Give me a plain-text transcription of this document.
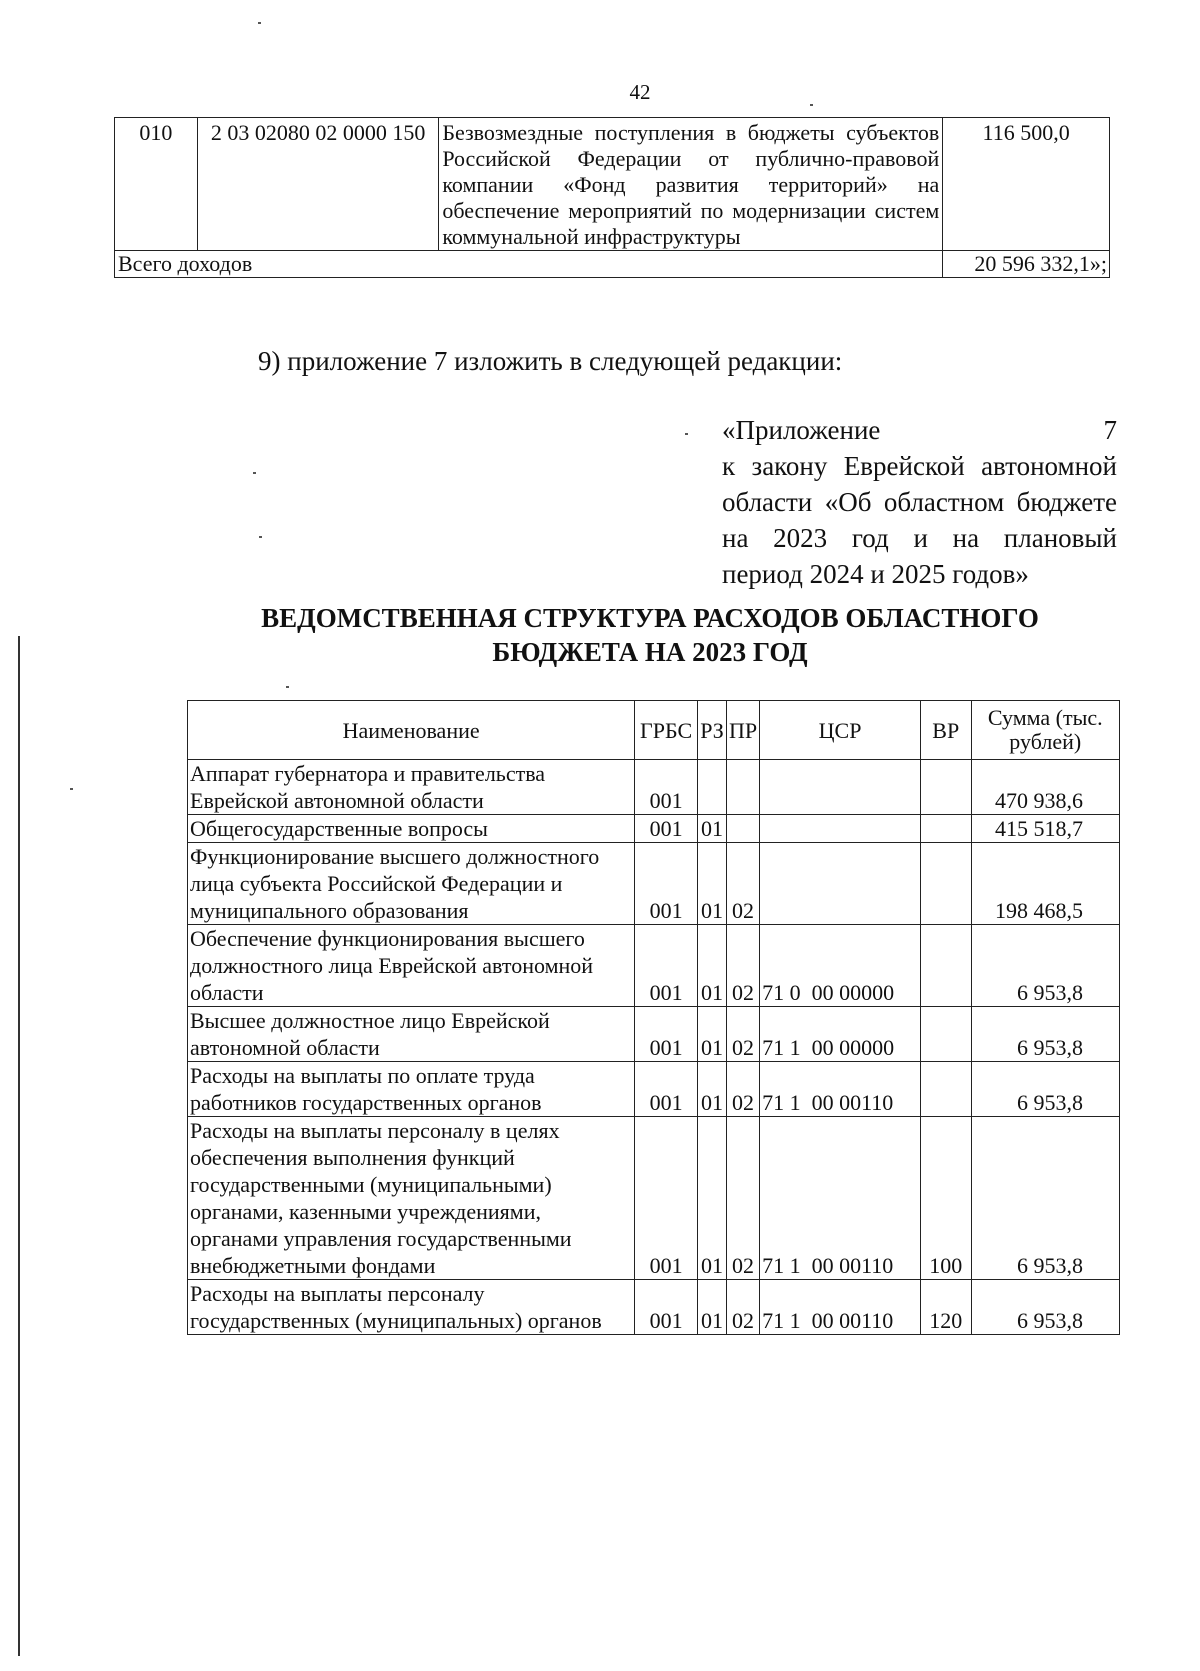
42
010	2 03 02080 02 0000 150	Безвозмездные поступления в бюджеты субъектов Российской Федерации от публично-правовой компании «Фонд развития территорий» на обеспечение мероприятий по модернизации систем коммунальной инфраструктуры	116 500,0
Всего доходов			20 596 332,1»;
9) приложение 7 изложить в следующей редакции:
«Приложение 7
к закону Еврейской автономной
области «Об областном бюджете
на 2023 год и на плановый
период 2024 и 2025 годов»
ВЕДОМСТВЕННАЯ СТРУКТУРА РАСХОДОВ ОБЛАСТНОГО
БЮДЖЕТА НА 2023 ГОД
Наименование	ГРБС	РЗ	ПР	ЦСР	ВР	Сумма (тыс. рублей)
Аппарат губернатора и правительства Еврейской автономной области	001					470 938,6
Общегосударственные вопросы	001	01				415 518,7
Функционирование высшего должностного лица субъекта Российской Федерации и муниципального образования	001	01	02			198 468,5
Обеспечение функционирования высшего должностного лица Еврейской автономной области	001	01	02	71 0  00 00000		6 953,8
Высшее должностное лицо Еврейской автономной области	001	01	02	71 1  00 00000		6 953,8
Расходы на выплаты по оплате труда работников государственных органов	001	01	02	71 1  00 00110		6 953,8
Расходы на выплаты персоналу в целях обеспечения выполнения функций государственными (муниципальными) органами, казенными учреждениями, органами управления государственными внебюджетными фондами	001	01	02	71 1  00 00110	100	6 953,8
Расходы на выплаты персоналу государственных (муниципальных) органов	001	01	02	71 1  00 00110	120	6 953,8
